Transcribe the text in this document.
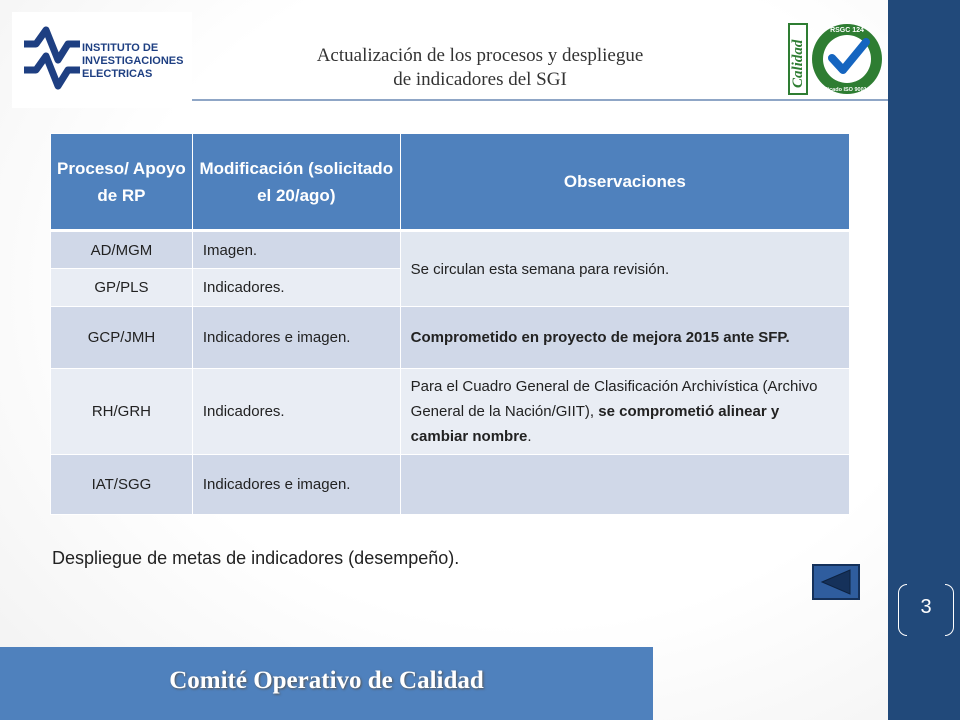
3
INSTITUTO DE
INVESTIGACIONES
ELECTRICAS
Actualización de los procesos y despliegue
de indicadores del SGI	Calidad
RSGC 124
Certificado ISO 9001:2008
Proceso/ Apoyo de RP	Modificación (solicitado el 20/ago)	Observaciones
AD/MGM	Imagen.	Se circulan esta semana para revisión.
GP/PLS	Indicadores.	
GCP/JMH	Indicadores e imagen.	Comprometido en proyecto de mejora 2015 ante SFP.
RH/GRH	Indicadores.	Para el Cuadro General de Clasificación Archivística (Archivo General de la Nación/GIIT), se comprometió alinear y cambiar nombre.
IAT/SGG	Indicadores e imagen.	
Despliegue de metas de indicadores (desempeño).
Comité Operativo de Calidad
